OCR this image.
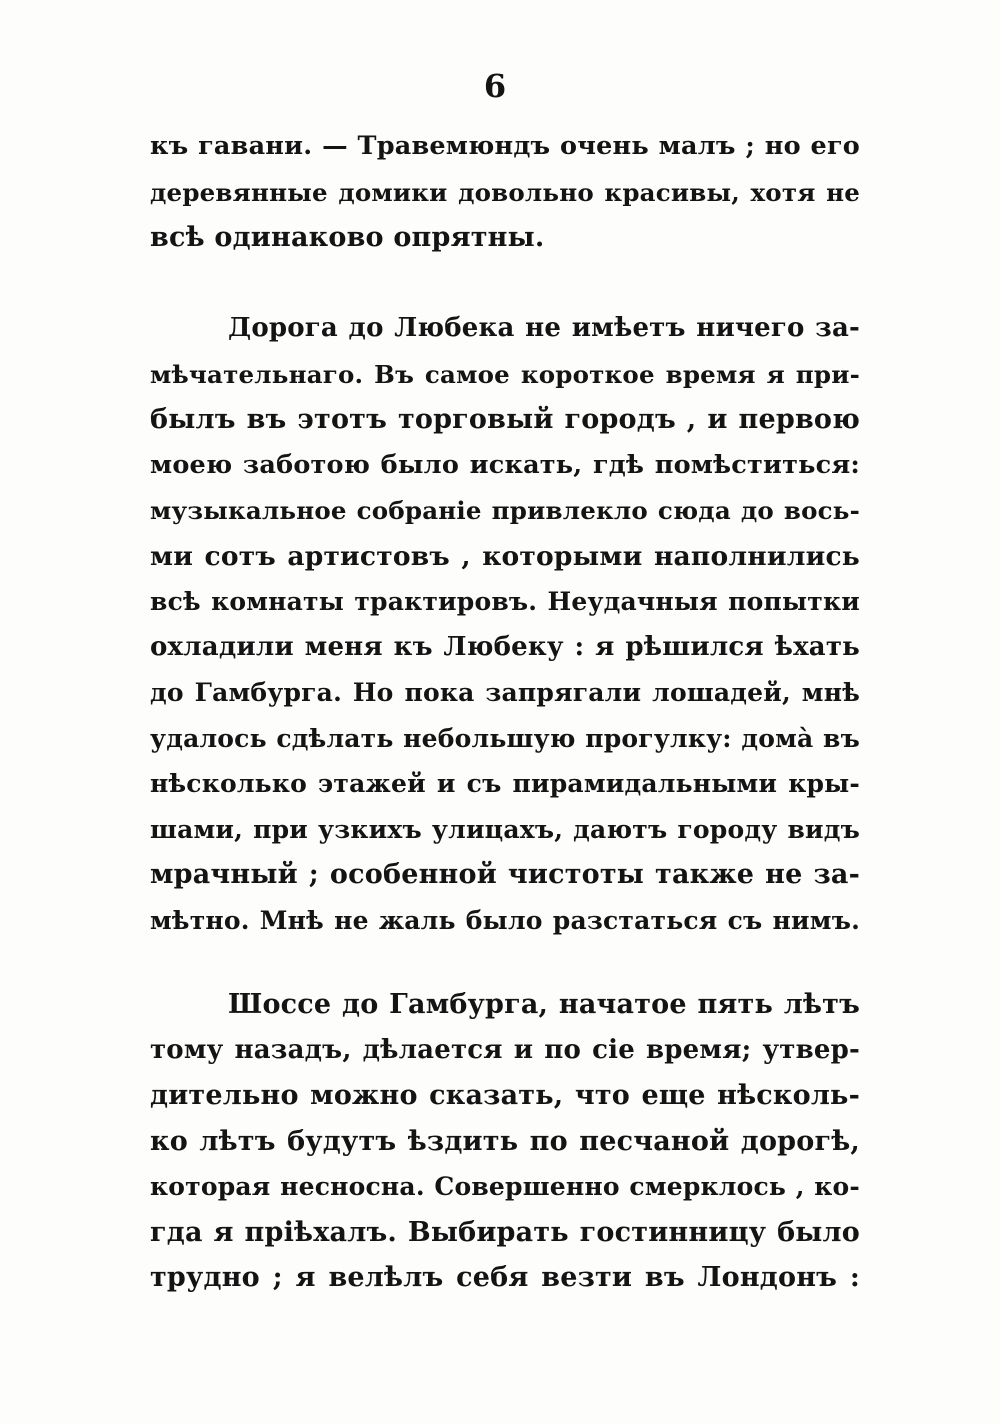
6
къ гавани. — Травемюндъ очень малъ ; но его
деревянные домики довольно красивы, хотя не
всѣ одинаково опрятны.
Дорога до Любека не имѣетъ ничего за-
мѣчательнаго. Въ самое короткое время я при-
былъ въ этотъ торговый городъ , и первою
моею заботою было искать, гдѣ помѣститься:
музыкальное собраніе привлекло сюда до вось-
ми сотъ артистовъ , которыми наполнились
всѣ комнаты трактировъ. Неудачныя попытки
охладили меня къ Любеку : я рѣшился ѣхать
до Гамбурга. Но пока запрягали лошадей, мнѣ
удалось сдѣлать небольшую прогулку: домà въ
нѣсколько этажей и съ пирамидальными кры-
шами, при узкихъ улицахъ, даютъ городу видъ
мрачный ; особенной чистоты также не за-
мѣтно. Мнѣ не жаль было разстаться съ нимъ.
Шоссе до Гамбурга, начатое пять лѣтъ
тому назадъ, дѣлается и по сіе время; утвер-
дительно можно сказать, что еще нѣсколь-
ко лѣтъ будутъ ѣздить по песчаной дорогѣ,
которая несносна. Совершенно смерклось , ко-
гда я пріѣхалъ. Выбирать гостинницу было
трудно ; я велѣлъ себя везти въ Лондонъ :
